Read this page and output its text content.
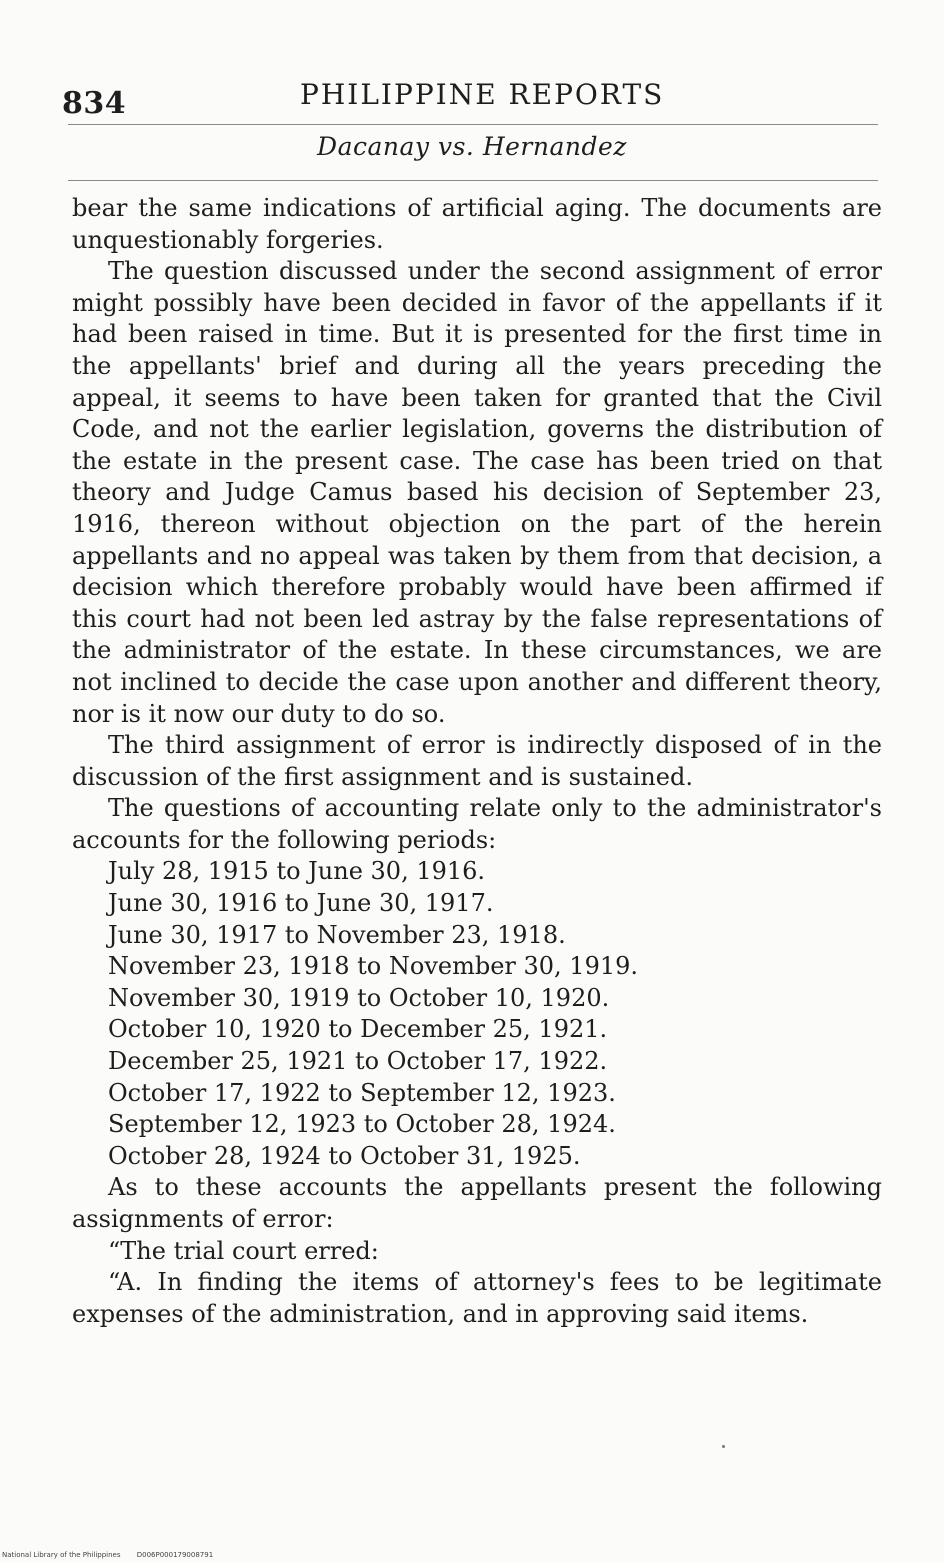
834	PHILIPPINE REPORTS
Dacanay vs. Hernandez

bear the same indications of artificial aging. The documents are unquestionably forgeries.

The question discussed under the second assignment of error might possibly have been decided in favor of the appellants if it had been raised in time. But it is presented for the first time in the appellants' brief and during all the years preceding the appeal, it seems to have been taken for granted that the Civil Code, and not the earlier legislation, governs the distribution of the estate in the present case. The case has been tried on that theory and Judge Camus based his decision of September 23, 1916, thereon without objection on the part of the herein appellants and no appeal was taken by them from that decision, a decision which therefore probably would have been affirmed if this court had not been led astray by the false representations of the administrator of the estate. In these circumstances, we are not inclined to decide the case upon another and different theory, nor is it now our duty to do so.

The third assignment of error is indirectly disposed of in the discussion of the first assignment and is sustained.

The questions of accounting relate only to the administrator's accounts for the following periods:

July 28, 1915 to June 30, 1916.

June 30, 1916 to June 30, 1917.

June 30, 1917 to November 23, 1918.

November 23, 1918 to November 30, 1919.

November 30, 1919 to October 10, 1920.

October 10, 1920 to December 25, 1921.

December 25, 1921 to October 17, 1922.

October 17, 1922 to September 12, 1923.

September 12, 1923 to October 28, 1924.

October 28, 1924 to October 31, 1925.

As to these accounts the appellants present the following assignments of error:

“The trial court erred:

“A. In finding the items of attorney's fees to be legitimate expenses of the administration, and in approving said items.

National Library of the Philippines D006P000179008791
